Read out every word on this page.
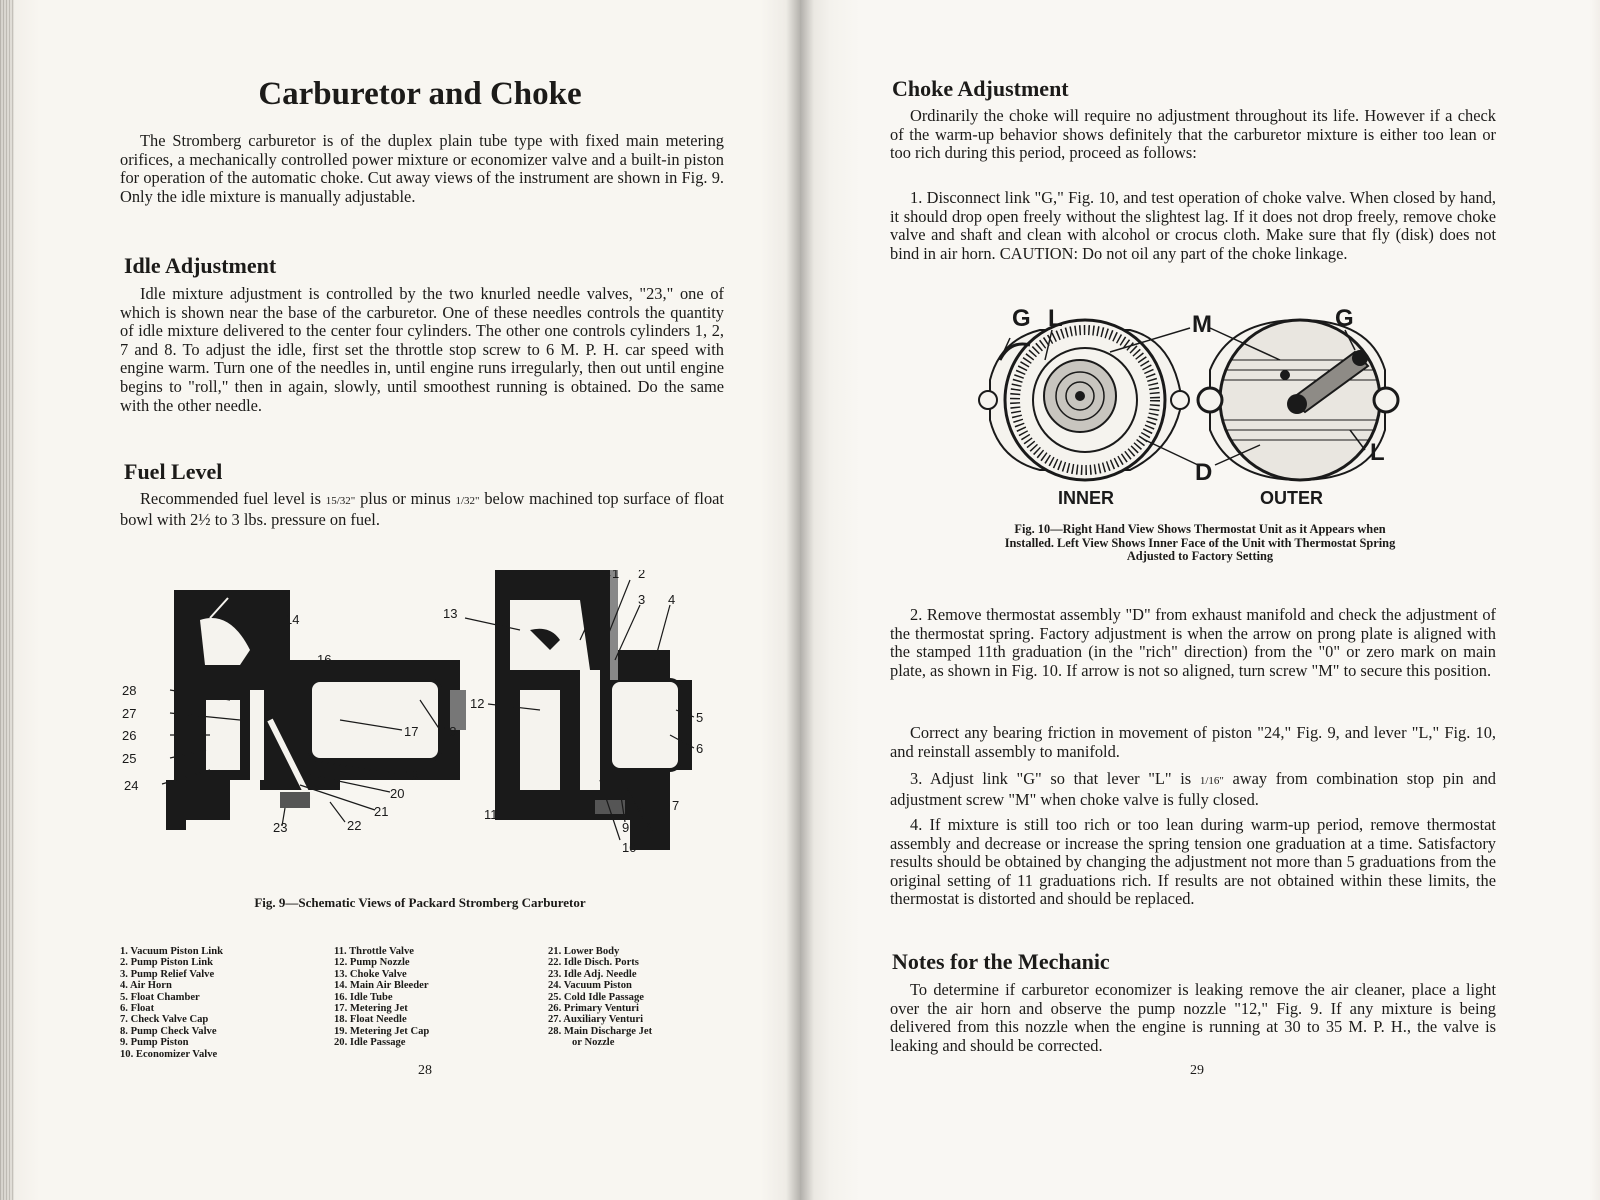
Carburetor and Choke

The Stromberg carburetor is of the duplex plain tube type with fixed main metering orifices, a mechanically controlled power mixture or economizer valve and a built-in piston for operation of the automatic choke. Cut away views of the instrument are shown in Fig. 9. Only the idle mixture is manually adjustable.

Idle Adjustment

Idle mixture adjustment is controlled by the two knurled needle valves, "23," one of which is shown near the base of the carburetor. One of these needles controls the quantity of idle mixture delivered to the center four cylinders. The other one controls cylinders 1, 2, 7 and 8. To adjust the idle, first set the throttle stop screw to 6 M. P. H. car speed with engine warm. Turn one of the needles in, until engine runs irregularly, then out until engine begins to "roll," then in again, slowly, until smoothest running is obtained. Do the same with the other needle.

Fuel Level

Recommended fuel level is 15/32" plus or minus 1/32" below machined top surface of float bowl with 2½ to 3 lbs. pressure on fuel.

14
16
28
27
26
25
24
17 18
19
20
21
22
23
1 2
3 4
13
12
5
6
7
11
9 8
10
Fig. 9—Schematic Views of Packard Stromberg Carburetor
1. Vacuum Piston Link
2. Pump Piston Link
3. Pump Relief Valve
4. Air Horn
5. Float Chamber
6. Float
7. Check Valve Cap
8. Pump Check Valve
9. Pump Piston
10. Economizer Valve
11. Throttle Valve
12. Pump Nozzle
13. Choke Valve
14. Main Air Bleeder
16. Idle Tube
17. Metering Jet
18. Float Needle
19. Metering Jet Cap
20. Idle Passage
21. Lower Body
22. Idle Disch. Ports
23. Idle Adj. Needle
24. Vacuum Piston
25. Cold Idle Passage
26. Primary Venturi
27. Auxiliary Venturi
28. Main Discharge Jet
or Nozzle
28
Choke Adjustment

Ordinarily the choke will require no adjustment throughout its life. However if a check of the warm-up behavior shows definitely that the carburetor mixture is either too lean or too rich during this period, proceed as follows:

1. Disconnect link "G," Fig. 10, and test operation of choke valve. When closed by hand, it should drop open freely without the slightest lag. If it does not drop freely, remove choke valve and shaft and clean with alcohol or crocus cloth. Make sure that fly (disk) does not bind in air horn. CAUTION: Do not oil any part of the choke linkage.

G L	M	G
L
D
INNER	OUTER
Fig. 10—Right Hand View Shows Thermostat Unit as it Appears when Installed. Left View Shows Inner Face of the Unit with Thermostat Spring Adjusted to Factory Setting

2. Remove thermostat assembly "D" from exhaust manifold and check the adjustment of the thermostat spring. Factory adjustment is when the arrow on prong plate is aligned with the stamped 11th graduation (in the "rich" direction) from the "0" or zero mark on main plate, as shown in Fig. 10. If arrow is not so aligned, turn screw "M" to secure this position.

Correct any bearing friction in movement of piston "24," Fig. 9, and lever "L," Fig. 10, and reinstall assembly to manifold.

3. Adjust link "G" so that lever "L" is 1/16" away from combination stop pin and adjustment screw "M" when choke valve is fully closed.

4. If mixture is still too rich or too lean during warm-up period, remove thermostat assembly and decrease or increase the spring tension one graduation at a time. Satisfactory results should be obtained by changing the adjustment not more than 5 graduations from the original setting of 11 graduations rich. If results are not obtained within these limits, the thermostat is distorted and should be replaced.

Notes for the Mechanic

To determine if carburetor economizer is leaking remove the air cleaner, place a light over the air horn and observe the pump nozzle "12," Fig. 9. If any mixture is being delivered from this nozzle when the engine is running at 30 to 35 M. P. H., the valve is leaking and should be corrected.

29
